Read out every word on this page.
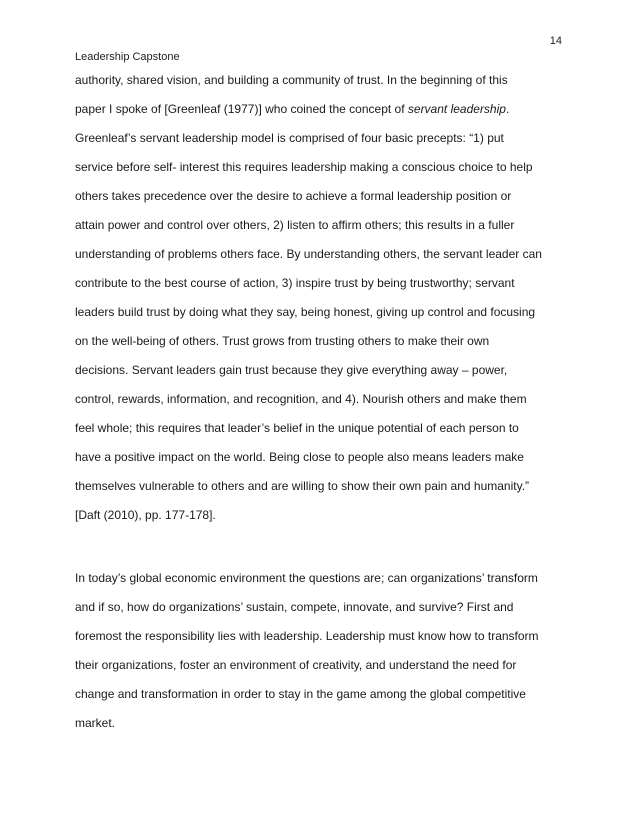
14
Leadership Capstone
authority, shared vision, and building a community of trust. In the beginning of this
paper I spoke of [Greenleaf (1977)] who coined the concept of servant leadership.
Greenleaf’s servant leadership model is comprised of four basic precepts: “1) put
service before self- interest this requires leadership making a conscious choice to help
others takes precedence over the desire to achieve a formal leadership position or
attain power and control over others, 2) listen to affirm others; this results in a fuller
understanding of problems others face. By understanding others, the servant leader can
contribute to the best course of action, 3) inspire trust by being trustworthy; servant
leaders build trust by doing what they say, being honest, giving up control and focusing
on the well-being of others. Trust grows from trusting others to make their own
decisions. Servant leaders gain trust because they give everything away – power,
control, rewards, information, and recognition, and 4). Nourish others and make them
feel whole; this requires that leader’s belief in the unique potential of each person to
have a positive impact on the world. Being close to people also means leaders make
themselves vulnerable to others and are willing to show their own pain and humanity.”
[Daft (2010), pp. 177-178].
In today’s global economic environment the questions are; can organizations’ transform
and if so, how do organizations’ sustain, compete, innovate, and survive? First and
foremost the responsibility lies with leadership. Leadership must know how to transform
their organizations, foster an environment of creativity, and understand the need for
change and transformation in order to stay in the game among the global competitive
market.
